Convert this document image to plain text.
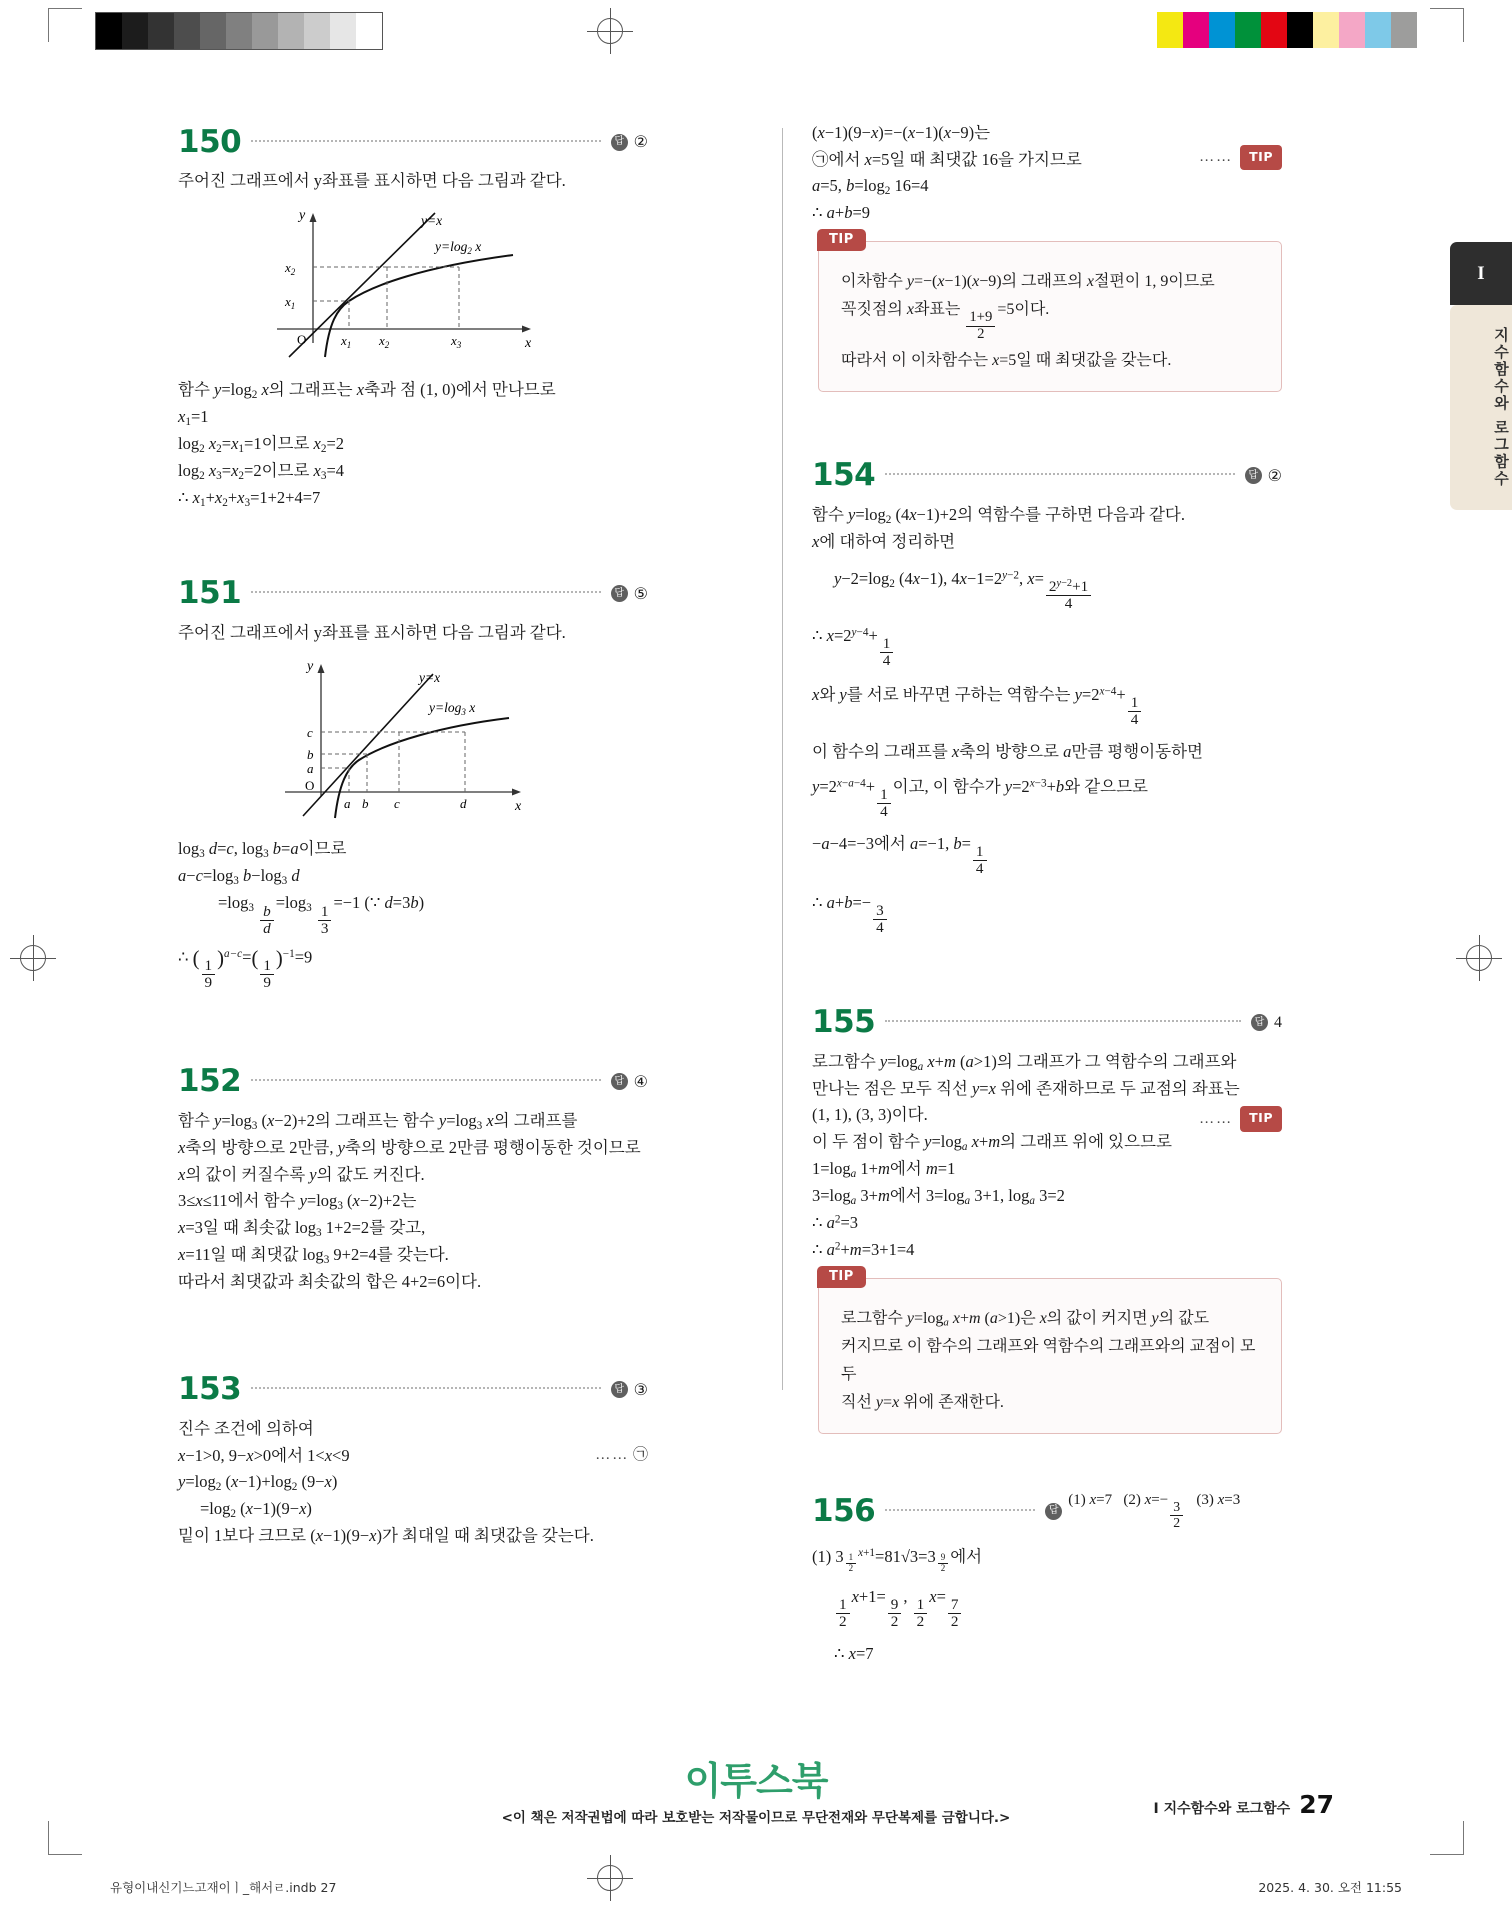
I
지수함수와 로그함수
150	답 ②

주어진 그래프에서 y좌표를 표시하면 다음 그림과 같다.

y
x
O
y=x
$y=\log_2$ x
$x_2$
$x_1$
$x_1$ $x_2$	$x_3$

함수 $y=\log_2$ x의 그래프는 x축과 점 (1, 0)에서 만나므로

$x_1=1$

$\log_2 x_2=x_1=1$이므로 $x_2=2$

$\log_2 x_3=x_2=2$이므로 $x_3=4$

∴ $x_1+x_2+x_3=1+2+4=7$

151	답 ⑤

주어진 그래프에서 y좌표를 표시하면 다음 그림과 같다.

y
x
O
y=x
$y=\log_3$ x
c
b
a
a b c	d

$\log_3 d=c$, $\log_3 b=a$이므로

$a-c=\log_3$ $b-\log_3$ d

$=\log_3 \frac{b}{d}$
$=\log_3 \frac{1}{3}$
=−1 (∵ d=3b)

∴ ( $\frac{1}{9} )^{a-c}=( \frac{1}{9} )^{-1}=9$

152	답 ④

함수 $y=\log_3$ (x−2)+2의 그래프는 함수 $y=\log_3$ x의 그래프를

x축의 방향으로 2만큼, y축의 방향으로 2만큼 평행이동한 것이므로

x의 값이 커질수록 y의 값도 커진다.

3≤x≤11에서 함수 $y=\log_3$ (x−2)+2는

x=3일 때 최솟값 $\log_3 1+2=2$를 갖고,

x=11일 때 최댓값 $\log_3 9+2=4$를 갖는다.

따라서 최댓값과 최솟값의 합은 4+2=6이다.

153	답 ③

진수 조건에 의하여

x−1>0, 9−x>0에서 1<x<9	…… ㉠

$y=\log_2$ $(x-1)+\log_2$ (9−x)

$=\log_2$ (x−1)(9−x)

밑이 1보다 크므로 (x−1)(9−x)가 최대일 때 최댓값을 갖는다.

(x−1)(9−x)=−(x−1)(x−9)는

㉠에서 x=5일 때 최댓값 16을 가지므로	……	TIP

a=5, $b=\log_2$ 16=4

∴ a+b=9

TIP

이차함수 y=−(x−1)(x−9)의 그래프의 x절편이 1, 9이므로

꼭짓점의 x좌표는
$\frac{1+9}{2}$
=5이다.

따라서 이 이차함수는 x=5일 때 최댓값을 갖는다.

154	답 ②

함수 $y=\log_2$ (4x−1)+2의 역함수를 구하면 다음과 같다.

x에 대하여 정리하면

$y-2=\log_2$ (4x−1), $4x-1=2^{y-2}$, $x= \frac{2^{y-2}+1}{4}$

∴ $x=2^{y-4}+$
$\frac{1}{4}$

x와 y를 서로 바꾸면 구하는 역함수는 $y=2^{x-4}+$
$\frac{1}{4}$

이 함수의 그래프를 x축의 방향으로 a만큼 평행이동하면

$y=2^{x-a-4}+$
$\frac{1}{4}$
이고, 이 함수가 $y=2^{x-3}+b$와 같으므로

−a−4=−3에서 a=−1, b=
$\frac{1}{4}$

∴ a+b=−
$\frac{3}{4}$

155	답 4

로그함수 $y=\log_a$ x+m (a>1)의 그래프가 그 역함수의 그래프와

만나는 점은 모두 직선 y=x 위에 존재하므로 두 교점의 좌표는

(1, 1), (3, 3)이다.	……	TIP

이 두 점이 함수 $y=\log_a$ x+m의 그래프 위에 있으므로

$1=\log_a$ 1+m에서 m=1

$3=\log_a$ 3+m에서 $3=\log_a$ 3+1, $\log_a 3=2$

∴ $a^2=3$

∴ $a^2+m=3+1=4$

TIP

로그함수 $y=\log_a$ x+m (a>1)은 x의 값이 커지면 y의 값도

커지므로 이 함수의 그래프와 역함수의 그래프와의 교점이 모두

직선 y=x 위에 존재한다.

156	답
(1) x=7   (2) $x=- \frac{3}{2} (3)$ x=3

(1) 3 $^{\frac{1}{2} x+1}$=81√3=3 $^{\frac{9}{2}}$ 에서

$\frac{1}{2}$
x+1=
$\frac{9}{2}$
,
$\frac{1}{2}$
x=
$\frac{7}{2}$

∴ x=7

이투스북
<이 책은 저작권법에 따라 보호받는 저작물이므로 무단전재와 무단복제를 금합니다.>
I 지수함수와 로그함수 27
유형이내신기느고재이ㅣ_해서ㄹ.indb 27	2025. 4. 30. 오전 11:55
